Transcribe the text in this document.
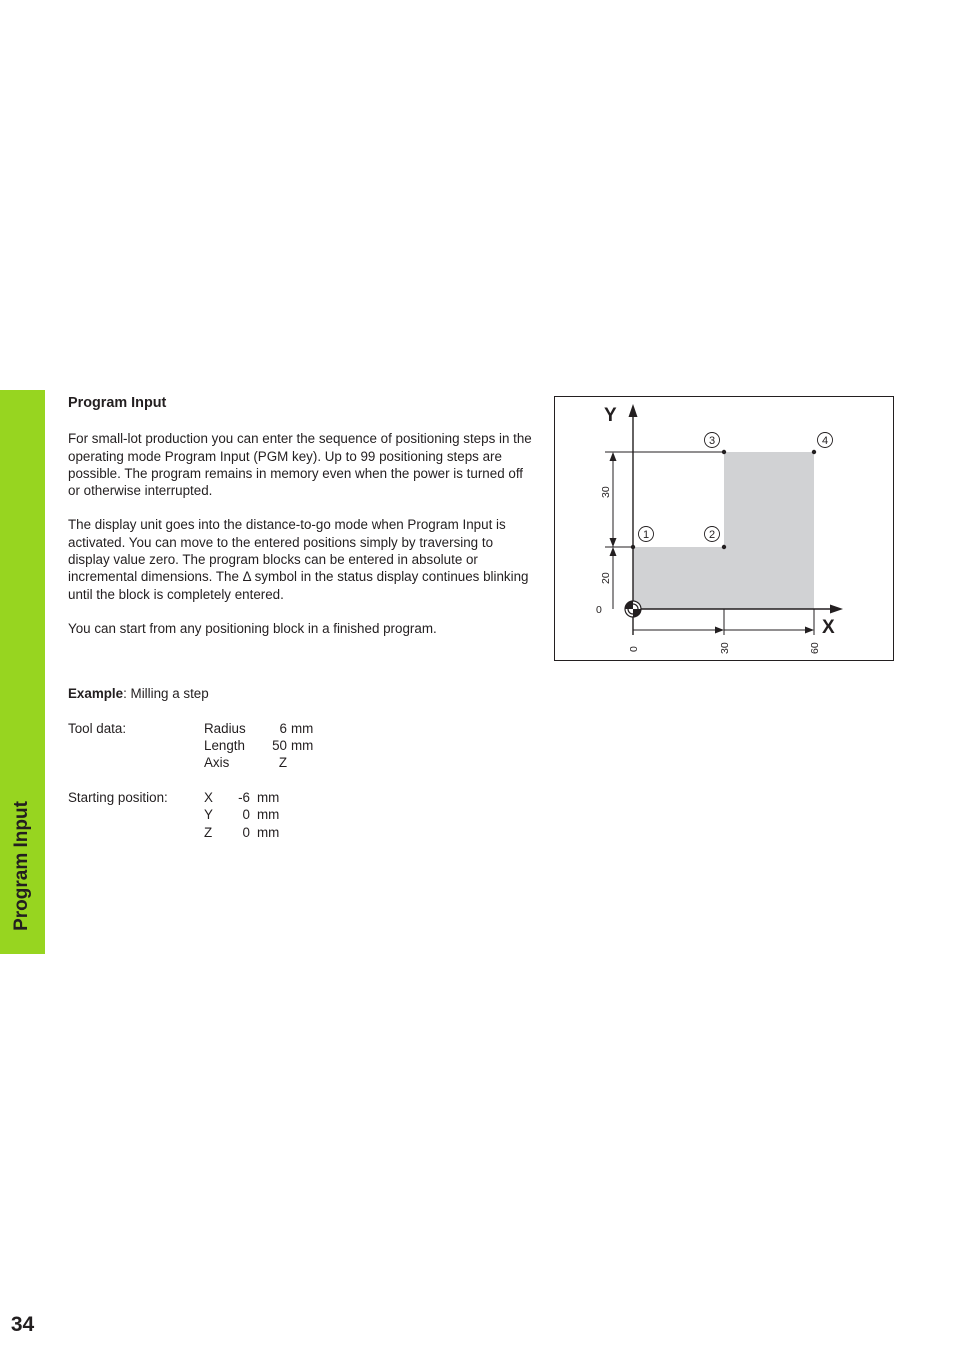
Program Input
34
Program Input

For small-lot production you can enter the sequence of positioning steps in the operating mode Program Input (PGM key). Up to 99 positioning steps are possible. The program remains in memory even when the power is turned off or otherwise interrupted.

The display unit goes into the distance-to-go mode when Program Input is activated. You can move to the entered positions simply by traversing to display value zero. The program blocks can be entered in absolute or incremental dimensions. The Δ symbol in the status display continues blinking until the block is completely entered.

You can start from any positioning block in a finished program.

Example: Milling a step
Tool data:	Radius	6 mm
Length	50 mm
Axis	Z
Starting position:	X	-6 mm
Y	0 mm
Z	0 mm
1	2
3	4
Y
X
0	30	60
0
20
30
